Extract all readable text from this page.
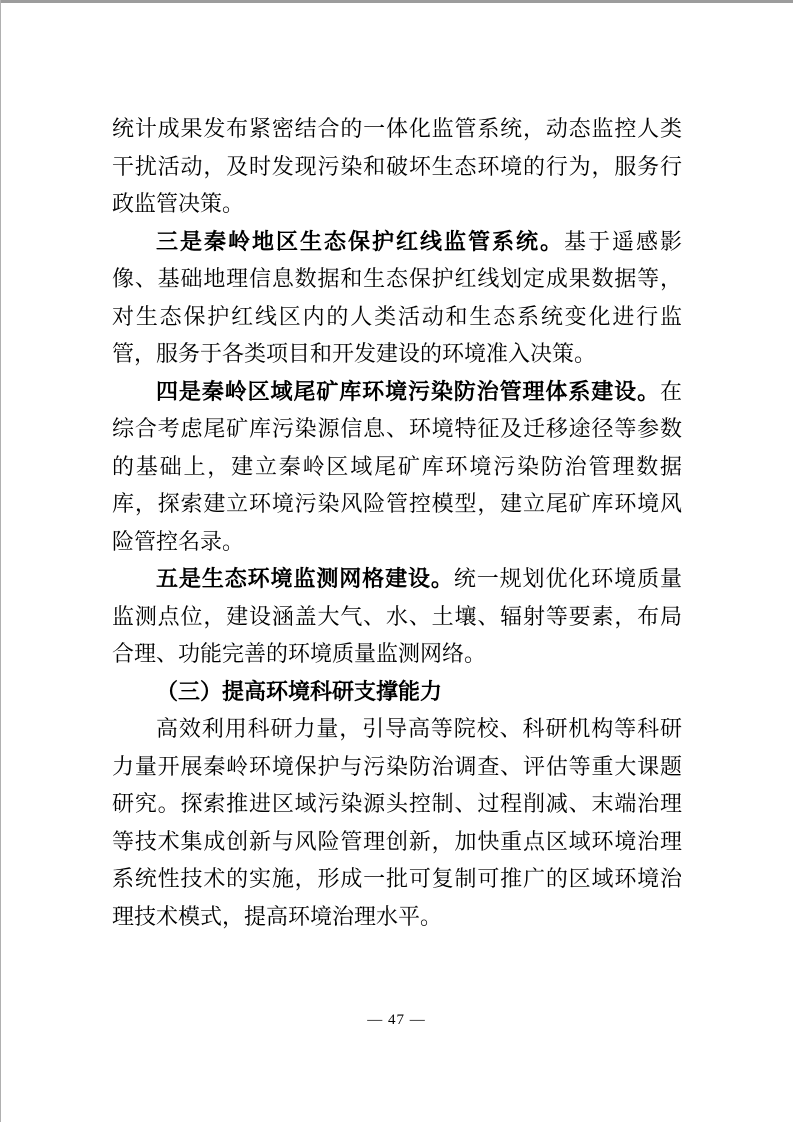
统计成果发布紧密结合的一体化监管系统，动态监控人类干扰活动，及时发现污染和破坏生态环境的行为，服务行政监管决策。

三是秦岭地区生态保护红线监管系统。基于遥感影像、基础地理信息数据和生态保护红线划定成果数据等，对生态保护红线区内的人类活动和生态系统变化进行监管，服务于各类项目和开发建设的环境准入决策。

四是秦岭区域尾矿库环境污染防治管理体系建设。在综合考虑尾矿库污染源信息、环境特征及迁移途径等参数的基础上，建立秦岭区域尾矿库环境污染防治管理数据库，探索建立环境污染风险管控模型，建立尾矿库环境风险管控名录。

五是生态环境监测网格建设。统一规划优化环境质量监测点位，建设涵盖大气、水、土壤、辐射等要素，布局合理、功能完善的环境质量监测网络。

（三）提高环境科研支撑能力

高效利用科研力量，引导高等院校、科研机构等科研力量开展秦岭环境保护与污染防治调查、评估等重大课题研究。探索推进区域污染源头控制、过程削减、末端治理等技术集成创新与风险管理创新，加快重点区域环境治理系统性技术的实施，形成一批可复制可推广的区域环境治理技术模式，提高环境治理水平。

— 47 —
